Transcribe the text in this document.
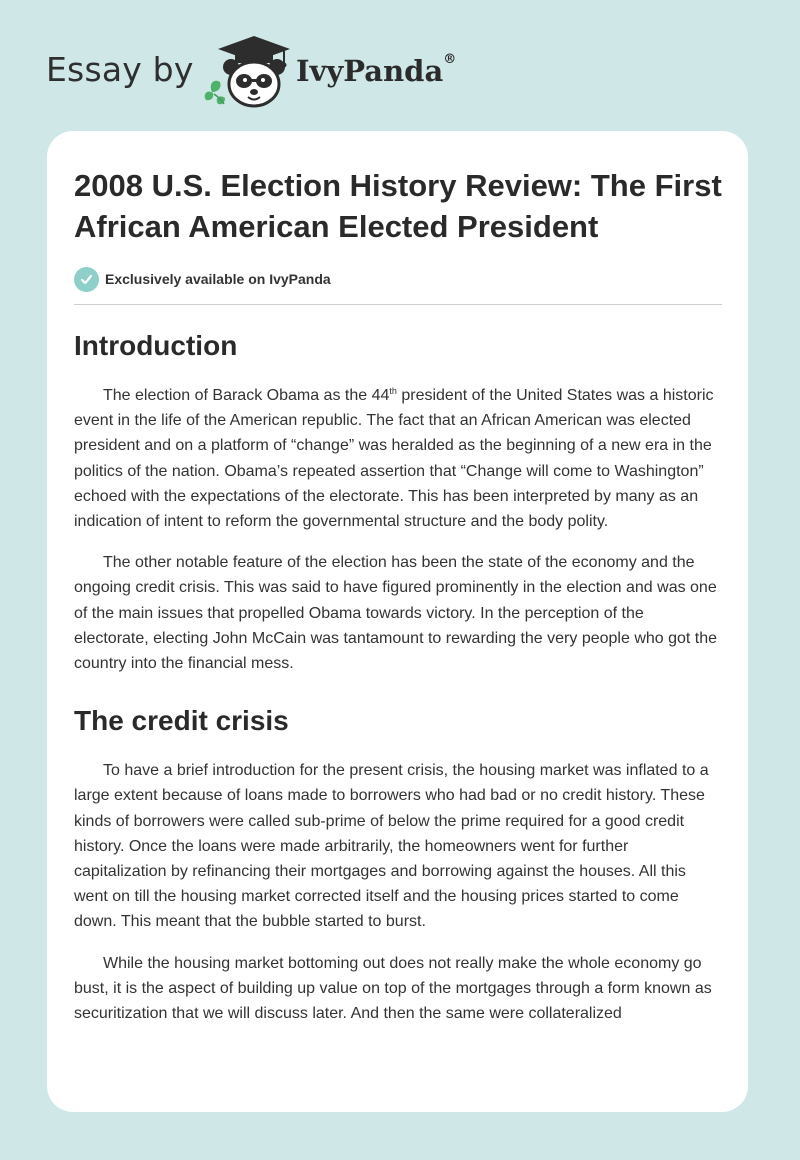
Essay by	IvyPanda®
2008 U.S. Election History Review: The First African American Elected President
Exclusively available on IvyPanda
Introduction

The election of Barack Obama as the 44th president of the United States was a historic event in the life of the American republic. The fact that an African American was elected president and on a platform of “change” was heralded as the beginning of a new era in the politics of the nation. Obama’s repeated assertion that “Change will come to Washington” echoed with the expectations of the electorate. This has been interpreted by many as an indication of intent to reform the governmental structure and the body polity.

The other notable feature of the election has been the state of the economy and the ongoing credit crisis. This was said to have figured prominently in the election and was one of the main issues that propelled Obama towards victory. In the perception of the electorate, electing John McCain was tantamount to rewarding the very people who got the country into the financial mess.

The credit crisis

To have a brief introduction for the present crisis, the housing market was inflated to a large extent because of loans made to borrowers who had bad or no credit history. These kinds of borrowers were called sub-prime of below the prime required for a good credit history. Once the loans were made arbitrarily, the homeowners went for further capitalization by refinancing their mortgages and borrowing against the houses. All this went on till the housing market corrected itself and the housing prices started to come down. This meant that the bubble started to burst.

While the housing market bottoming out does not really make the whole economy go bust, it is the aspect of building up value on top of the mortgages through a form known as securitization that we will discuss later. And then the same were collateralized
